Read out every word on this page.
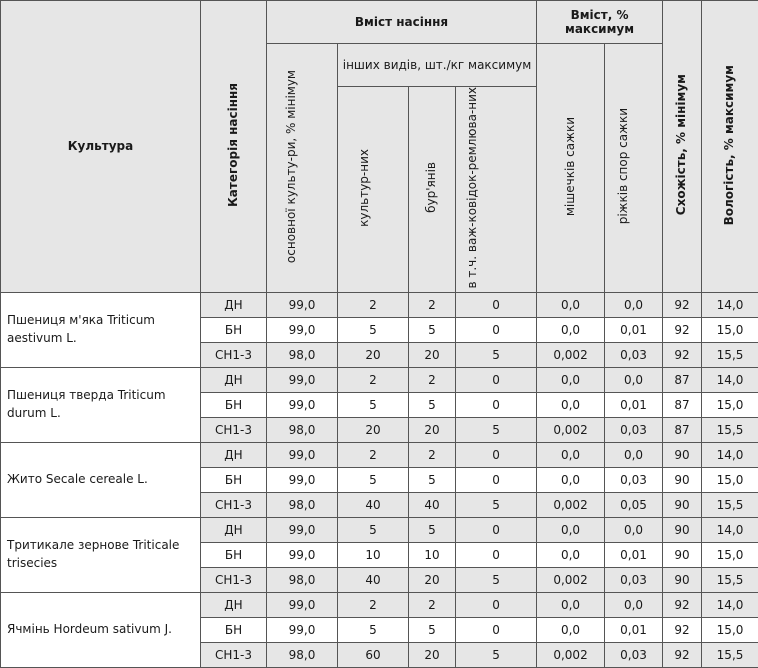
Культура	Категорія насіння	Вміст насіння				Вміст, % максимум		Схожість, % мінімум	Вологість, % максимум
		основної культу-ри, % мінімум	інших видів, шт./кг максимум			мішечків сажки	ріжків спор сажки		
			культур-них	бур'янів	в т.ч. важ-ковідок-ремлюва-них				
Пшениця м'яка Triticum aestivum L.	ДН	99,0	2	2	0	0,0	0,0	92	14,0
	БН	99,0	5	5	0	0,0	0,01	92	15,0
	СН1-3	98,0	20	20	5	0,002	0,03	92	15,5
Пшениця тверда Triticum durum L.	ДН	99,0	2	2	0	0,0	0,0	87	14,0
	БН	99,0	5	5	0	0,0	0,01	87	15,0
	СН1-3	98,0	20	20	5	0,002	0,03	87	15,5
Жито Secale cereale L.	ДН	99,0	2	2	0	0,0	0,0	90	14,0
	БН	99,0	5	5	0	0,0	0,03	90	15,0
	СН1-3	98,0	40	40	5	0,002	0,05	90	15,5
Тритикале зернове Triticale trisecies	ДН	99,0	5	5	0	0,0	0,0	90	14,0
	БН	99,0	10	10	0	0,0	0,01	90	15,0
	СН1-3	98,0	40	20	5	0,002	0,03	90	15,5
Ячмінь Hordeum sativum J.	ДН	99,0	2	2	0	0,0	0,0	92	14,0
	БН	99,0	5	5	0	0,0	0,01	92	15,0
	СН1-3	98,0	60	20	5	0,002	0,03	92	15,5
